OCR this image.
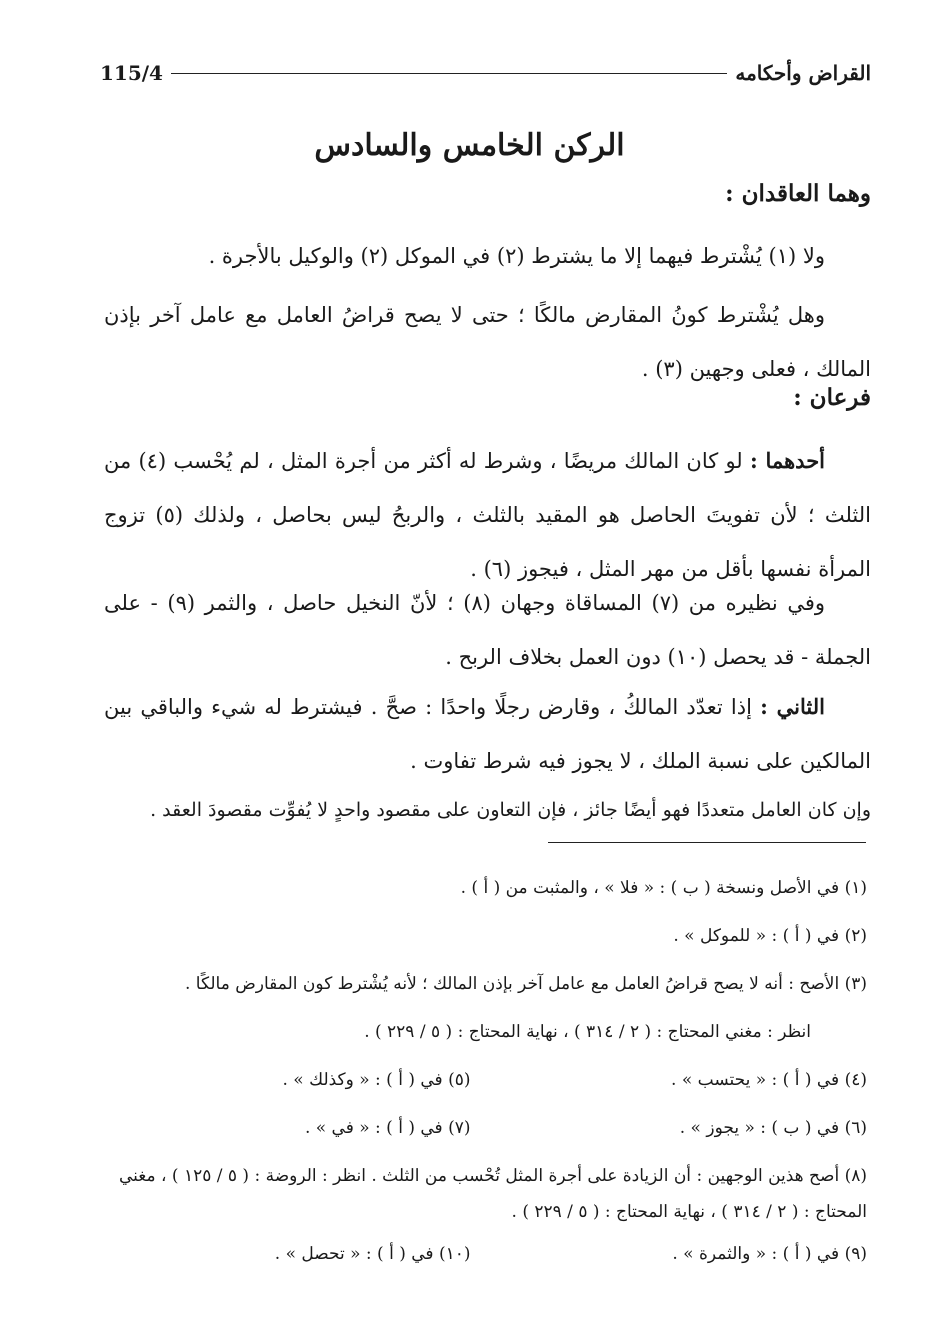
القراض وأحكامه
115/4
الركن الخامس والسادس
وهما العاقدان :
ولا (١) يُشْترط فيهما إلا ما يشترط (٢) في الموكل (٢) والوكيل بالأجرة .
وهل يُشْترط كونُ المقارض مالكًا ؛ حتى لا يصح قراضُ العامل مع عامل آخر بإذن المالك ، فعلى وجهين (٣) .
فرعان :
أحدهما : لو كان المالك مريضًا ، وشرط له أكثر من أجرة المثل ، لم يُحْسب (٤) من الثلث ؛ لأن تفويتَ الحاصل هو المقيد بالثلث ، والربحُ ليس بحاصل ، ولذلك (٥) تزوج المرأة نفسها بأقل من مهر المثل ، فيجوز (٦) .
وفي نظيره من (٧) المساقاة وجهان (٨) ؛ لأنّ النخيل حاصل ، والثمر (٩) - على الجملة - قد يحصل (١٠) دون العمل بخلاف الربح .
الثاني : إذا تعدّد المالكُ ، وقارض رجلًا واحدًا : صحَّ . فيشترط له شيء والباقي بين المالكين على نسبة الملك ، لا يجوز فيه شرط تفاوت .
وإن كان العامل متعددًا فهو أيضًا جائز ، فإن التعاون على مقصود واحدٍ لا يُفوِّت مقصودَ العقد .
(١) في الأصل ونسخة ( ب ) : « فلا » ، والمثبت من ( أ ) .
(٢) في ( أ ) : « للموكل » .
(٣) الأصح : أنه لا يصح قراضُ العامل مع عامل آخر بإذن المالك ؛ لأنه يُشْترط كون المقارض مالكًا .
انظر : مغني المحتاج : ( ٢ / ٣١٤ ) ، نهاية المحتاج : ( ٥ / ٢٢٩ ) .
(٤) في ( أ ) : « يحتسب » .
(٥) في ( أ ) : « وكذلك » .
(٦) في ( ب ) : « يجوز » .
(٧) في ( أ ) : « في » .
(٨) أصح هذين الوجهين : أن الزيادة على أجرة المثل تُحْسب من الثلث . انظر : الروضة : ( ٥ / ١٢٥ ) ، مغني المحتاج : ( ٢ / ٣١٤ ) ، نهاية المحتاج : ( ٥ / ٢٢٩ ) .
(٩) في ( أ ) : « والثمرة » .
(١٠) في ( أ ) : « تحصل » .
